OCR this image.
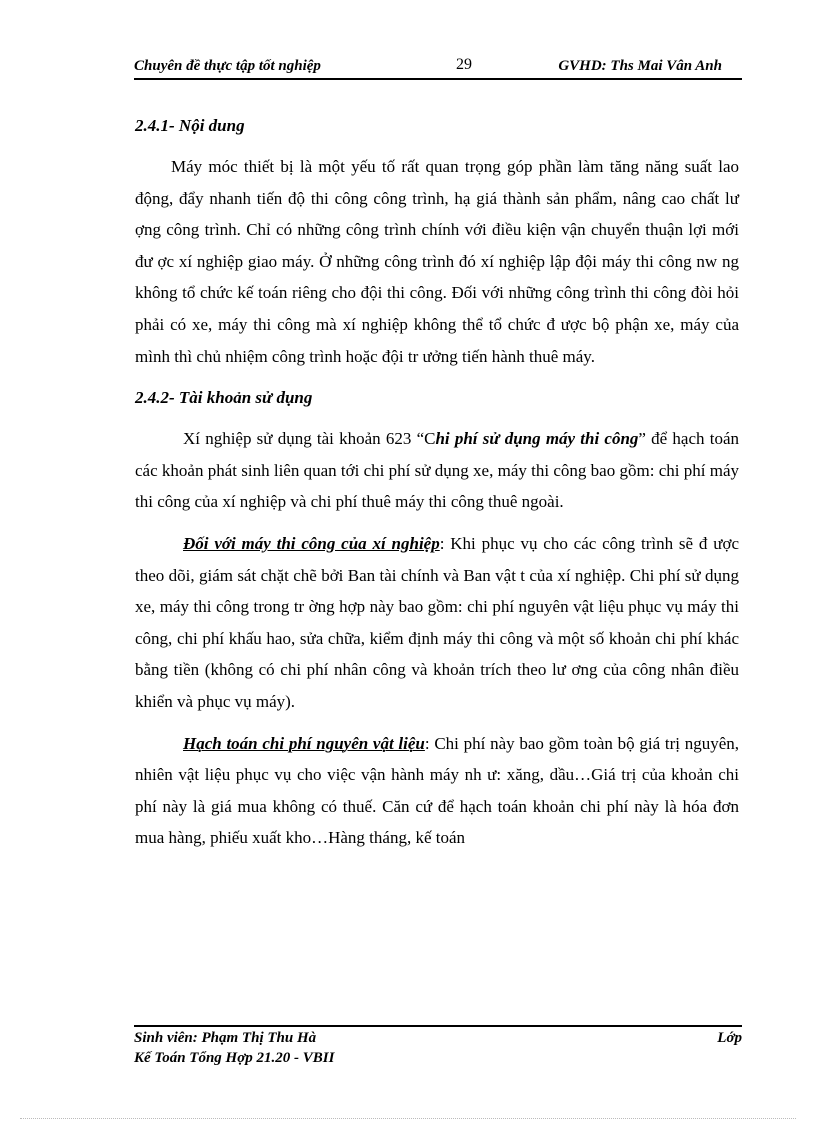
Chuyên đề thực tập tốt nghiệp	29	GVHD: Ths Mai Vân Anh
2.4.1- Nội dung

Máy móc thiết bị là một yếu tố rất quan trọng góp phần làm tăng năng suất lao động, đẩy nhanh tiến độ thi công công trình, hạ giá thành sản phẩm, nâng cao chất lư ợng công trình. Chỉ có những công trình chính với điều kiện vận chuyển thuận lợi mới đư ợc xí nghiệp giao máy. Ở những công trình đó xí nghiệp lập đội máy thi công nw ng không tổ chức kế toán riêng cho đội thi công. Đối với những công trình thi công đòi hỏi phải có xe, máy thi công mà xí nghiệp không thể tổ chức đ ược bộ phận xe, máy của mình thì chủ nhiệm công trình hoặc đội tr ưởng tiến hành thuê máy.

2.4.2- Tài khoản sử dụng

Xí nghiệp sử dụng tài khoản 623 “Chi phí sử dụng máy thi công” để hạch toán các khoản phát sinh liên quan tới chi phí sử dụng xe, máy thi công bao gồm: chi phí máy thi công của xí nghiệp và chi phí thuê máy thi công thuê ngoài.

Đối với máy thi công của xí nghiệp: Khi phục vụ cho các công trình sẽ đ ược theo dõi, giám sát chặt chẽ bởi Ban tài chính và Ban vật t của xí nghiệp. Chi phí sử dụng xe, máy thi công trong tr ờng hợp này bao gồm: chi phí nguyên vật liệu phục vụ máy thi công, chi phí khấu hao, sửa chữa, kiểm định máy thi công và một số khoản chi phí khác bằng tiền (không có chi phí nhân công và khoản trích theo lư ơng của công nhân điều khiển và phục vụ máy).

Hạch toán chi phí nguyên vật liệu: Chi phí này bao gồm toàn bộ giá trị nguyên, nhiên vật liệu phục vụ cho việc vận hành máy nh ư: xăng, dầu…Giá trị của khoản chi phí này là giá mua không có thuế. Căn cứ để hạch toán khoản chi phí này là hóa đơn mua hàng, phiếu xuất kho…Hàng tháng, kế toán

Sinh viên: Phạm Thị Thu Hà	Lớp
Kế Toán Tổng Hợp 21.20 - VBII
